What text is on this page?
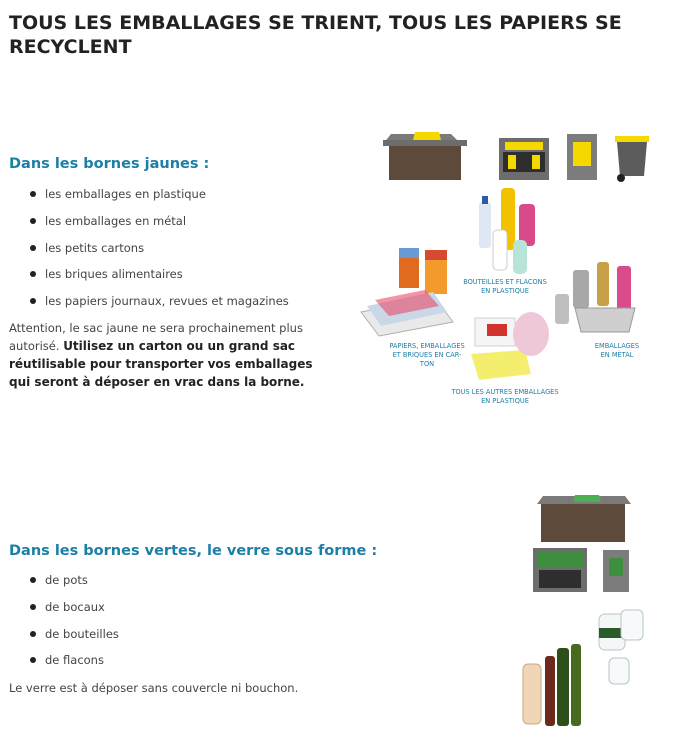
TOUS LES EMBALLAGES SE TRIENT, TOUS LES PAPIERS SE RECYCLENT
Dans les bornes jaunes :
les emballages en plastique
les emballages en métal
les petits cartons
les briques alimentaires
les papiers journaux, revues et magazines

Attention, le sac jaune ne sera prochainement plus autorisé. Utilisez un carton ou un grand sac réutilisable pour transporter vos emballages qui seront à déposer en vrac dans la borne.

BOUTEILLES ET FLACONS
EN PLASTIQUE
PAPIERS, EMBALLAGES
ET BRIQUES EN CAR-
TON
EMBALLAGES
EN MÉTAL
TOUS LES AUTRES EMBALLAGES
EN PLASTIQUE
Dans les bornes vertes, le verre sous forme :
de pots
de bocaux
de bouteilles
de flacons

Le verre est à déposer sans couvercle ni bouchon.
